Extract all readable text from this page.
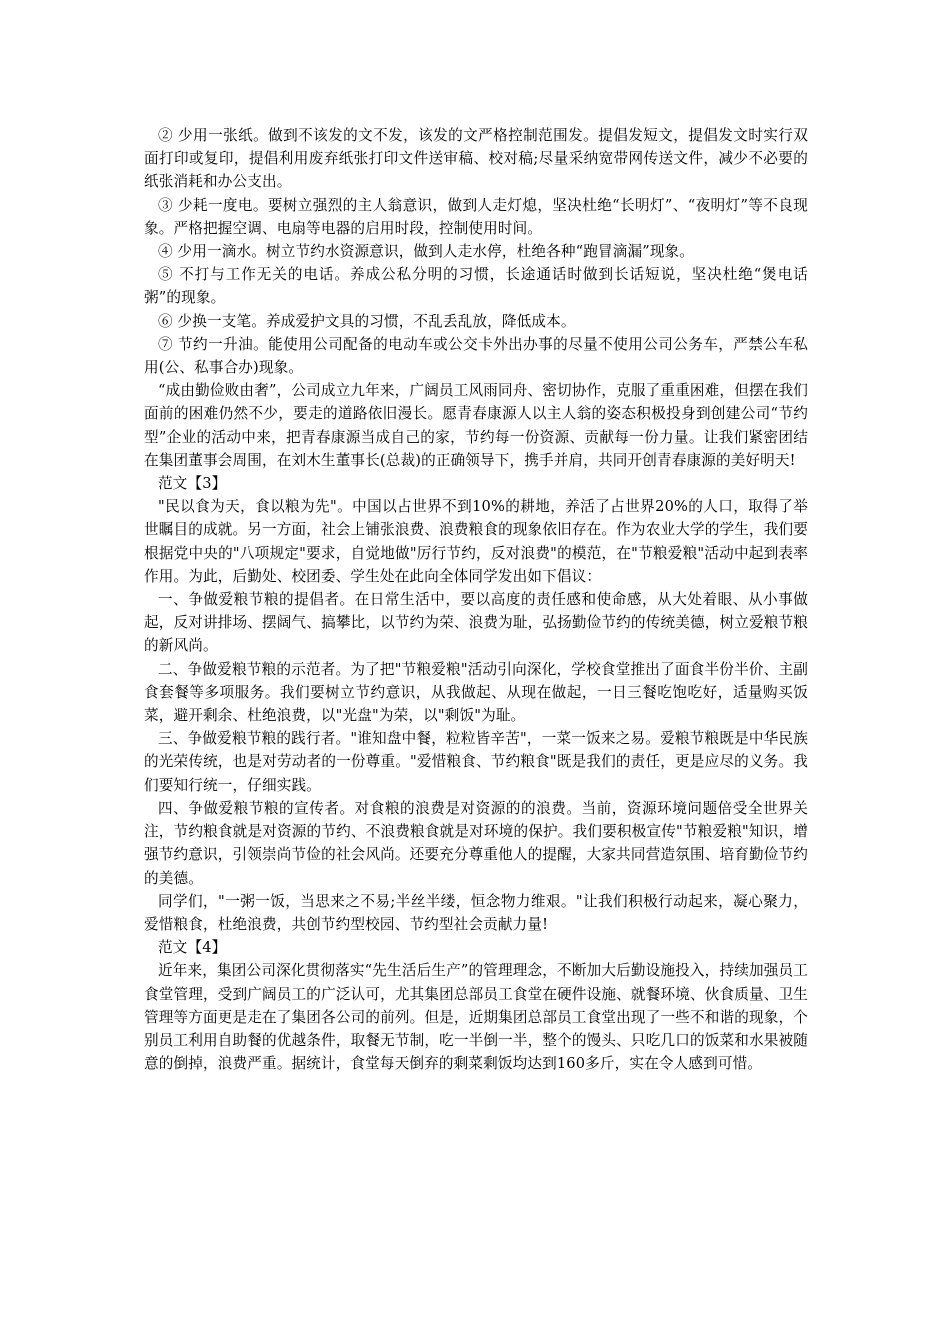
② 少用一张纸。做到不该发的文不发，该发的文严格控制范围发。提倡发短文，提倡发文时实行双面打印或复印，提倡利用废弃纸张打印文件送审稿、校对稿;尽量采纳宽带网传送文件，减少不必要的纸张消耗和办公支出。

③ 少耗一度电。要树立强烈的主人翁意识，做到人走灯熄，坚决杜绝“长明灯”、“夜明灯”等不良现象。严格把握空调、电扇等电器的启用时段，控制使用时间。

④ 少用一滴水。树立节约水资源意识，做到人走水停，杜绝各种“跑冒滴漏”现象。

⑤ 不打与工作无关的电话。养成公私分明的习惯，长途通话时做到长话短说，坚决杜绝“煲电话粥”的现象。

⑥ 少换一支笔。养成爱护文具的习惯，不乱丢乱放，降低成本。

⑦ 节约一升油。能使用公司配备的电动车或公交卡外出办事的尽量不使用公司公务车，严禁公车私用(公、私事合办)现象。

“成由勤俭败由奢”，公司成立九年来，广阔员工风雨同舟、密切协作，克服了重重困难，但摆在我们面前的困难仍然不少，要走的道路依旧漫长。愿青春康源人以主人翁的姿态积极投身到创建公司“节约型”企业的活动中来，把青春康源当成自己的家，节约每一份资源、贡献每一份力量。让我们紧密团结在集团董事会周围，在刘木生董事长(总裁)的正确领导下，携手并肩，共同开创青春康源的美好明天!

范文【3】

"民以食为天，食以粮为先"。中国以占世界不到10%的耕地，养活了占世界20%的人口，取得了举世瞩目的成就。另一方面，社会上铺张浪费、浪费粮食的现象依旧存在。作为农业大学的学生，我们要根据党中央的"八项规定"要求，自觉地做"厉行节约，反对浪费"的模范，在"节粮爱粮"活动中起到表率作用。为此，后勤处、校团委、学生处在此向全体同学发出如下倡议：

一、争做爱粮节粮的提倡者。在日常生活中，要以高度的责任感和使命感，从大处着眼、从小事做起，反对讲排场、摆阔气、搞攀比，以节约为荣、浪费为耻，弘扬勤俭节约的传统美德，树立爱粮节粮的新风尚。

二、争做爱粮节粮的示范者。为了把"节粮爱粮"活动引向深化，学校食堂推出了面食半份半价、主副食套餐等多项服务。我们要树立节约意识，从我做起、从现在做起，一日三餐吃饱吃好，适量购买饭菜，避开剩余、杜绝浪费，以"光盘"为荣，以"剩饭"为耻。

三、争做爱粮节粮的践行者。"谁知盘中餐，粒粒皆辛苦"，一菜一饭来之易。爱粮节粮既是中华民族的光荣传统，也是对劳动者的一份尊重。"爱惜粮食、节约粮食"既是我们的责任，更是应尽的义务。我们要知行统一，仔细实践。

四、争做爱粮节粮的宣传者。对食粮的浪费是对资源的的浪费。当前，资源环境问题倍受全世界关注，节约粮食就是对资源的节约、不浪费粮食就是对环境的保护。我们要积极宣传"节粮爱粮"知识，增强节约意识，引领崇尚节俭的社会风尚。还要充分尊重他人的提醒，大家共同营造氛围、培育勤俭节约的美德。

同学们，"一粥一饭，当思来之不易;半丝半缕，恒念物力维艰。"让我们积极行动起来，凝心聚力，爱惜粮食，杜绝浪费，共创节约型校园、节约型社会贡献力量!

范文【4】

近年来，集团公司深化贯彻落实“先生活后生产”的管理理念，不断加大后勤设施投入，持续加强员工食堂管理，受到广阔员工的广泛认可，尤其集团总部员工食堂在硬件设施、就餐环境、伙食质量、卫生管理等方面更是走在了集团各公司的前列。但是，近期集团总部员工食堂出现了一些不和谐的现象，个别员工利用自助餐的优越条件，取餐无节制，吃一半倒一半，整个的馒头、只吃几口的饭菜和水果被随意的倒掉，浪费严重。据统计，食堂每天倒弃的剩菜剩饭均达到160多斤，实在令人感到可惜。
